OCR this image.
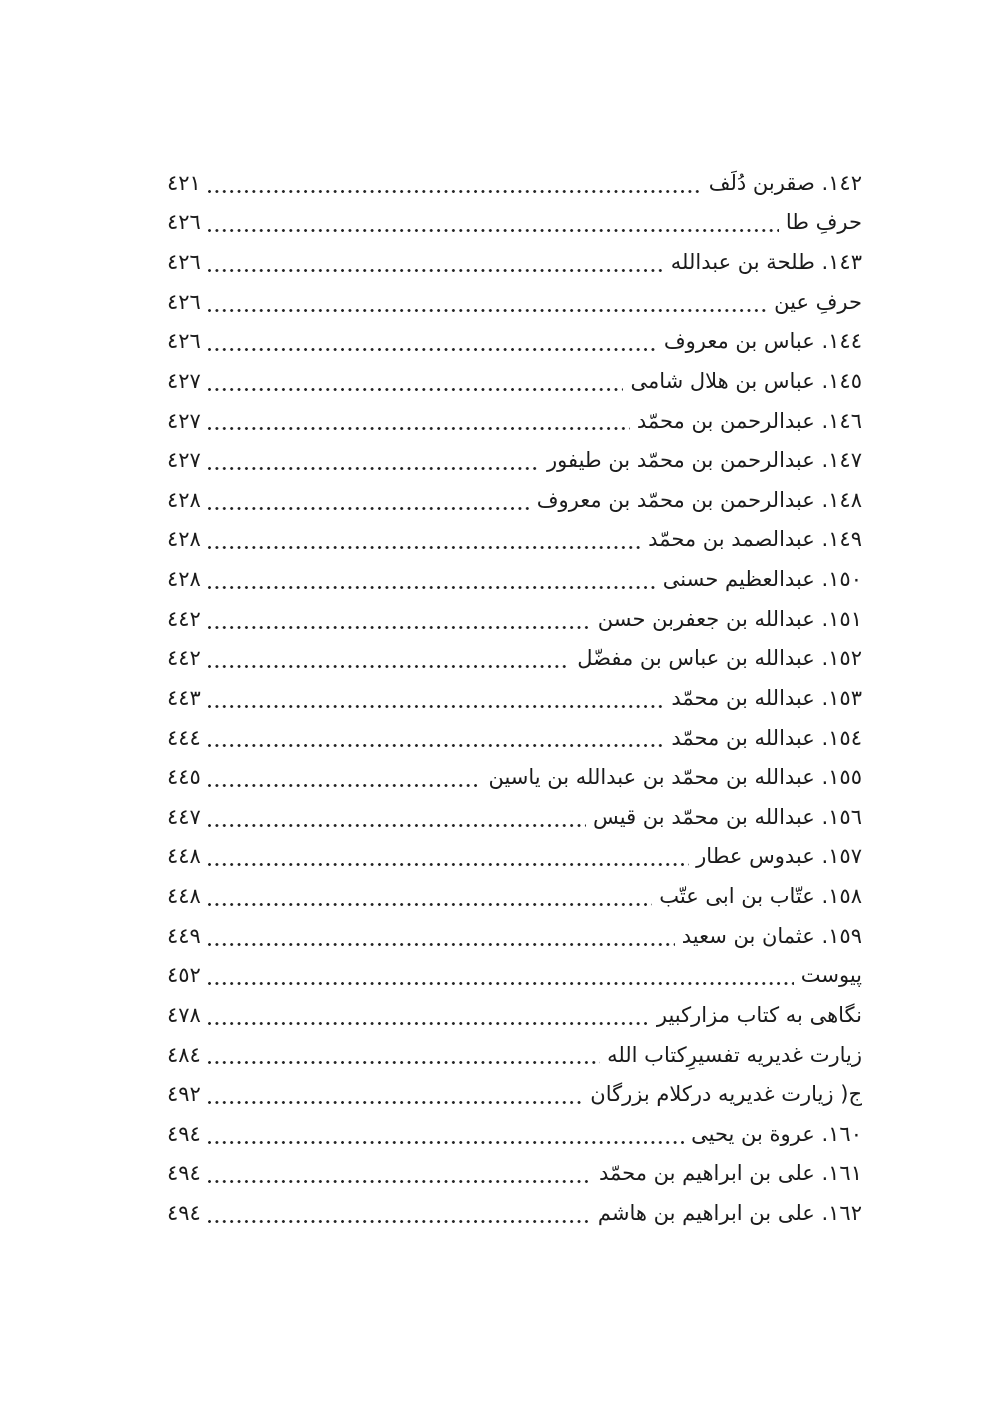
١٤٢. صقربن دُلَف
٤٢١
حرفِ طا
٤٢٦
١٤٣. طلحة بن عبدالله
٤٢٦
حرفِ عين
٤٢٦
١٤٤. عباس بن معروف
٤٢٦
١٤٥. عباس بن هلال شامى
٤٢٧
١٤٦. عبدالرحمن بن محمّد
٤٢٧
١٤٧. عبدالرحمن بن محمّد بن طيفور
٤٢٧
١٤٨. عبدالرحمن بن محمّد بن معروف
٤٢٨
١٤٩. عبدالصمد بن محمّد
٤٢٨
١٥٠. عبدالعظيم حسنى
٤٢٨
١٥١. عبدالله بن جعفربن حسن
٤٤٢
١٥٢. عبدالله بن عباس بن مفضّل
٤٤٢
١٥٣. عبدالله بن محمّد
٤٤٣
١٥٤. عبدالله بن محمّد
٤٤٤
١٥٥. عبدالله بن محمّد بن عبدالله بن ياسين
٤٤٥
١٥٦. عبدالله بن محمّد بن قيس
٤٤٧
١٥٧. عبدوس عطار
٤٤٨
١٥٨. عتّاب بن ابى عتّب
٤٤٨
١٥٩. عثمان بن سعيد
٤٤٩
پيوست
٤٥٢
نگاهى به كتاب مزاركبير
٤٧٨
زيارت غديريه تفسيرِكتاب الله
٤٨٤
ج( زيارت غديريه دركلام بزرگان
٤٩٢
١٦٠. عروة بن يحيى
٤٩٤
١٦١. على بن ابراهيم بن محمّد
٤٩٤
١٦٢. على بن ابراهيم بن هاشم
٤٩٤
